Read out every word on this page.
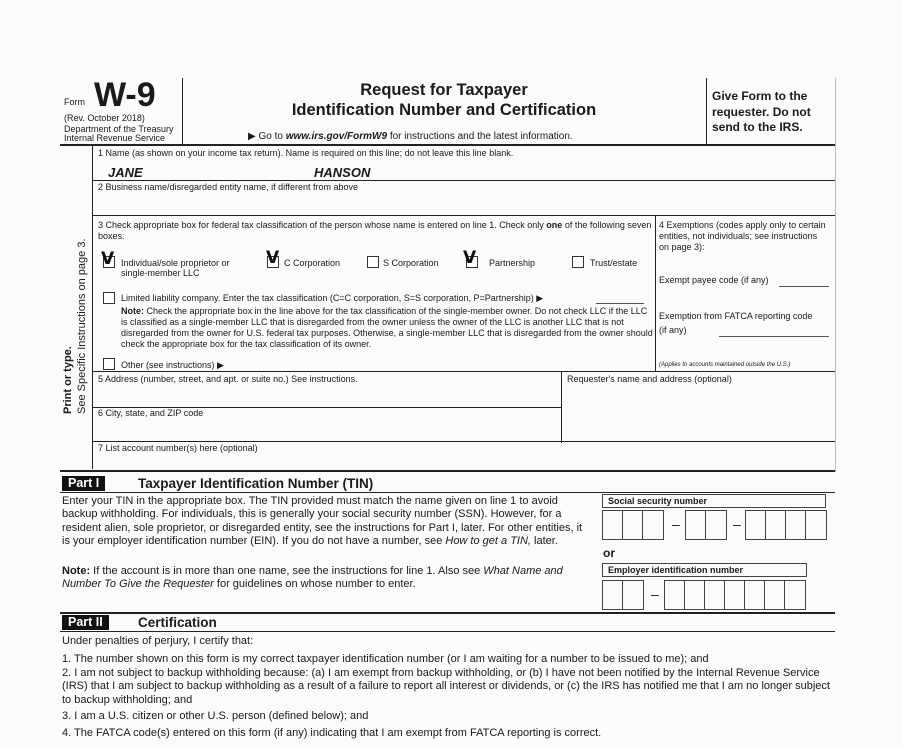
Form W-9
(Rev. October 2018)
Department of the Treasury
Internal Revenue Service
Request for Taxpayer
Identification Number and Certification
▶ Go to www.irs.gov/FormW9 for instructions and the latest information.
Give Form to the requester. Do not send to the IRS.
Print or type. See Specific Instructions on page 3.
1 Name (as shown on your income tax return). Name is required on this line; do not leave this line blank.
JANE	HANSON
2 Business name/disregarded entity name, if different from above
3 Check appropriate box for federal tax classification of the person whose name is entered on line 1. Check only one of the following seven boxes.
V Individual/sole proprietor or
single-member LLC
V C Corporation	S Corporation V Partnership	Trust/estate
Limited liability company. Enter the tax classification (C=C corporation, S=S corporation, P=Partnership) ▶
Note: Check the appropriate box in the line above for the tax classification of the single-member owner. Do not check LLC if the LLC is classified as a single-member LLC that is disregarded from the owner unless the owner of the LLC is another LLC that is not disregarded from the owner for U.S. federal tax purposes. Otherwise, a single-member LLC that is disregarded from the owner should check the appropriate box for the tax classification of its owner.
Other (see instructions) ▶
4 Exemptions (codes apply only to certain entities, not individuals; see instructions on page 3):
Exempt payee code (if any)
Exemption from FATCA reporting code (if any)
(Applies to accounts maintained outside the U.S.)
5 Address (number, street, and apt. or suite no.) See instructions.	Requester's name and address (optional)
6 City, state, and ZIP code
7 List account number(s) here (optional)
Part I	Taxpayer Identification Number (TIN)
Enter your TIN in the appropriate box. The TIN provided must match the name given on line 1 to avoid backup withholding. For individuals, this is generally your social security number (SSN). However, for a resident alien, sole proprietor, or disregarded entity, see the instructions for Part I, later. For other entities, it is your employer identification number (EIN). If you do not have a number, see How to get a TIN, later.
Note: If the account is in more than one name, see the instructions for line 1. Also see What Name and Number To Give the Requester for guidelines on whose number to enter.
Social security number
–	–
or
Employer identification number
–
Part II	Certification
Under penalties of perjury, I certify that:
1. The number shown on this form is my correct taxpayer identification number (or I am waiting for a number to be issued to me); and
2. I am not subject to backup withholding because: (a) I am exempt from backup withholding, or (b) I have not been notified by the Internal Revenue Service (IRS) that I am subject to backup withholding as a result of a failure to report all interest or dividends, or (c) the IRS has notified me that I am no longer subject to backup withholding; and
3. I am a U.S. citizen or other U.S. person (defined below); and
4. The FATCA code(s) entered on this form (if any) indicating that I am exempt from FATCA reporting is correct.
